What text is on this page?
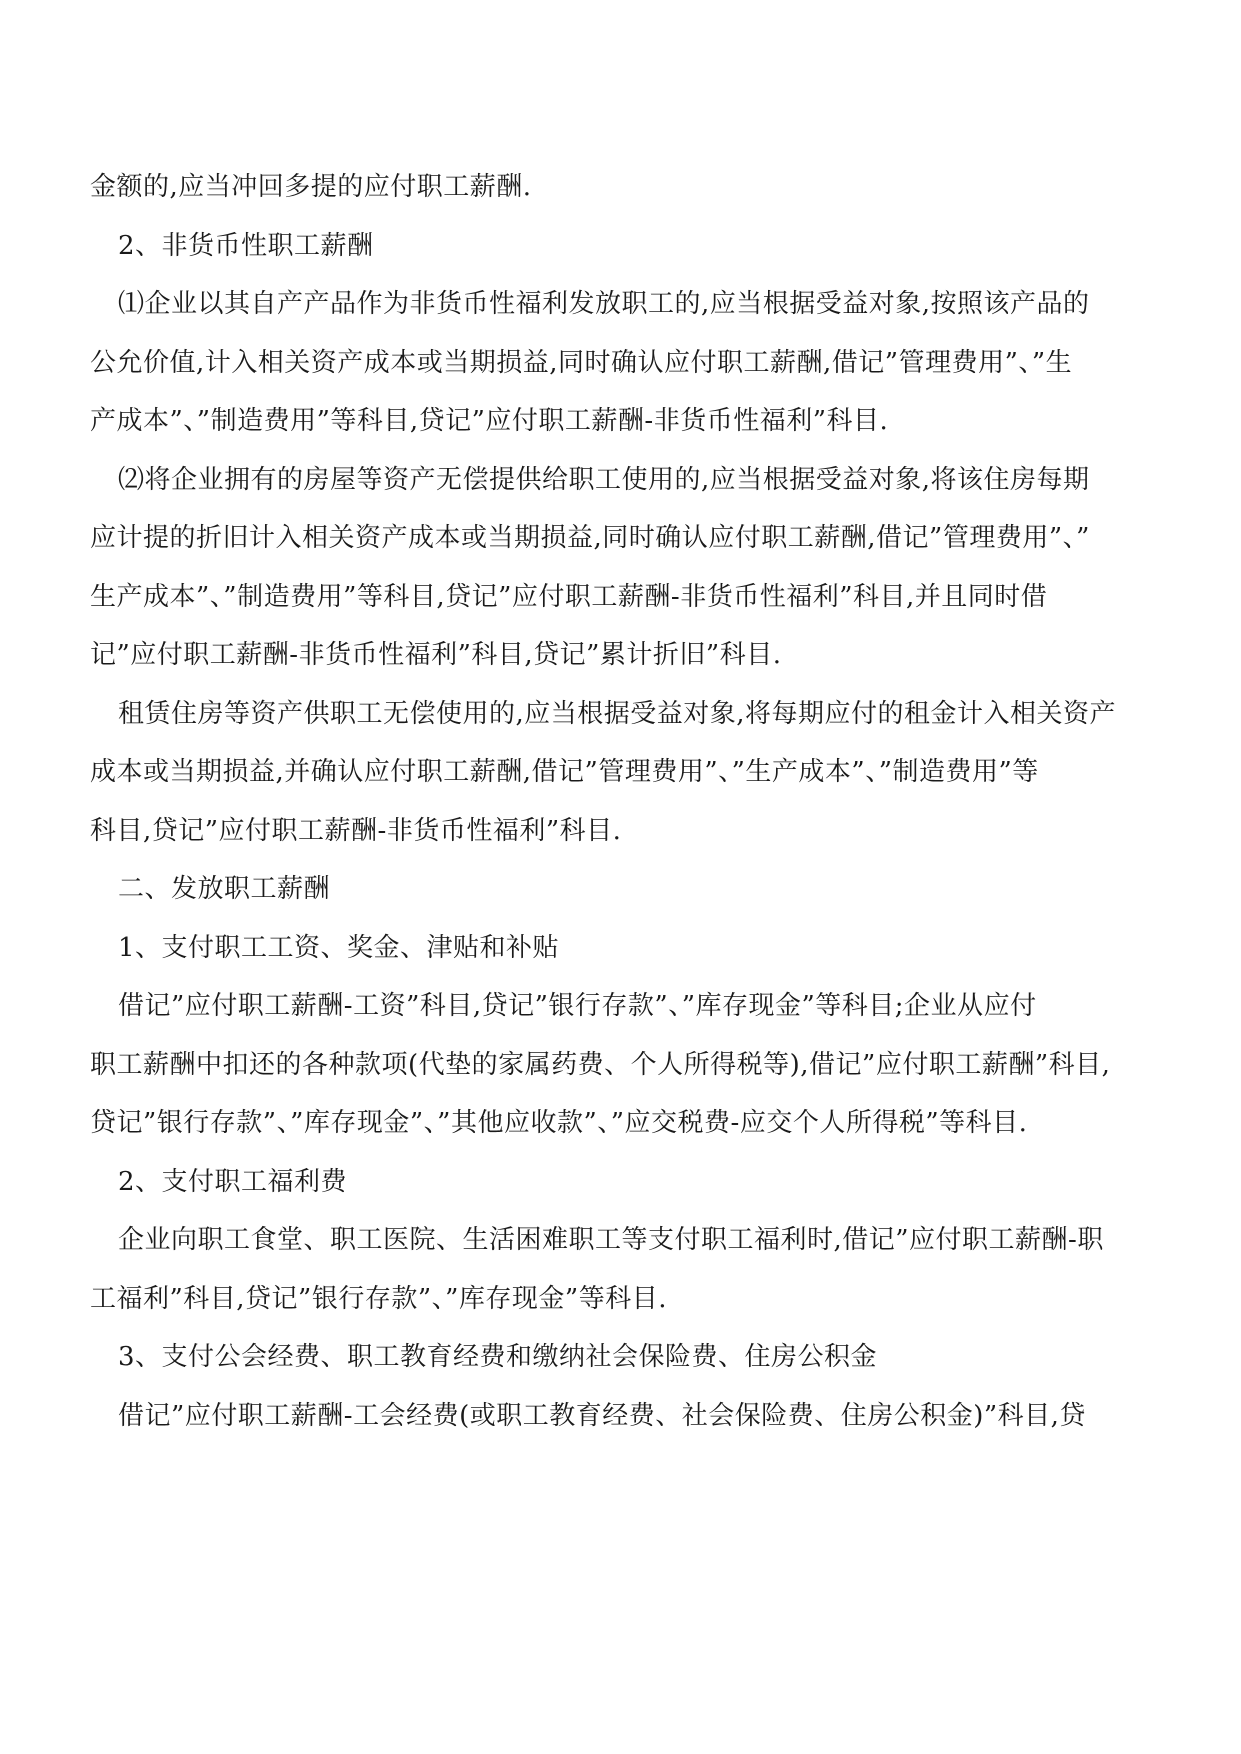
金额的,应当冲回多提的应付职工薪酬.
2、非货币性职工薪酬
⑴企业以其自产产品作为非货币性福利发放职工的,应当根据受益对象,按照该产品的
公允价值,计入相关资产成本或当期损益,同时确认应付职工薪酬,借记”管理费用”、”生
产成本”、”制造费用”等科目,贷记”应付职工薪酬-非货币性福利”科目.
⑵将企业拥有的房屋等资产无偿提供给职工使用的,应当根据受益对象,将该住房每期
应计提的折旧计入相关资产成本或当期损益,同时确认应付职工薪酬,借记”管理费用”、”
生产成本”、”制造费用”等科目,贷记”应付职工薪酬-非货币性福利”科目,并且同时借
记”应付职工薪酬-非货币性福利”科目,贷记”累计折旧”科目.
租赁住房等资产供职工无偿使用的,应当根据受益对象,将每期应付的租金计入相关资产
成本或当期损益,并确认应付职工薪酬,借记”管理费用”、”生产成本”、”制造费用”等
科目,贷记”应付职工薪酬-非货币性福利”科目.
二、发放职工薪酬
1、支付职工工资、奖金、津贴和补贴
借记”应付职工薪酬-工资”科目,贷记”银行存款”、”库存现金”等科目;企业从应付
职工薪酬中扣还的各种款项(代垫的家属药费、个人所得税等),借记”应付职工薪酬”科目,
贷记”银行存款”、”库存现金”、”其他应收款”、”应交税费-应交个人所得税”等科目.
2、支付职工福利费
企业向职工食堂、职工医院、生活困难职工等支付职工福利时,借记”应付职工薪酬-职
工福利”科目,贷记”银行存款”、”库存现金”等科目.
3、支付公会经费、职工教育经费和缴纳社会保险费、住房公积金
借记”应付职工薪酬-工会经费(或职工教育经费、社会保险费、住房公积金)”科目,贷
